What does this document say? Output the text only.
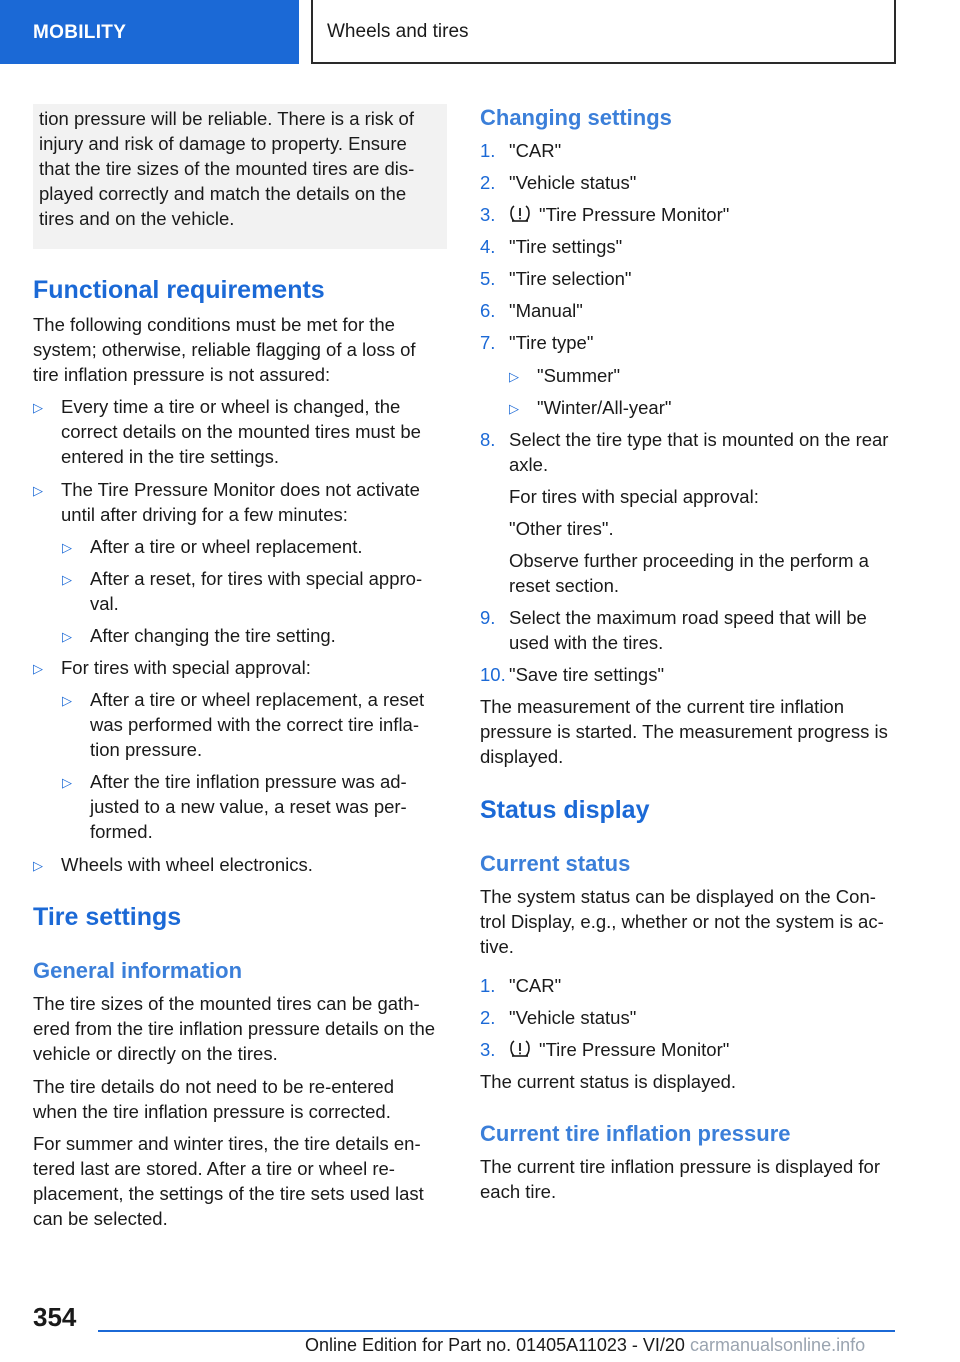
MOBILITY	Wheels and tires

tion pressure will be reliable. There is a risk of

injury and risk of damage to property. Ensure

that the tire sizes of the mounted tires are dis-

played correctly and match the details on the

tires and on the vehicle.

Functional requirements

The following conditions must be met for the system; otherwise, reliable flagging of a loss of tire inflation pressure is not assured:

▷ Every time a tire or wheel is changed, the correct details on the mounted tires must be entered in the tire settings.
▷ The Tire Pressure Monitor does not activate until after driving for a few minutes:
▷ After a tire or wheel replacement.
▷ After a reset, for tires with special appro-val.
▷ After changing the tire setting.
▷ For tires with special approval:
▷ After a tire or wheel replacement, a reset was performed with the correct tire infla-tion pressure.
▷ After the tire inflation pressure was ad-justed to a new value, a reset was per-formed.
▷ Wheels with wheel electronics.
Tire settings
General information

The tire sizes of the mounted tires can be gath-ered from the tire inflation pressure details on the vehicle or directly on the tires.

The tire details do not need to be re-entered when the tire inflation pressure is corrected.

For summer and winter tires, the tire details en-tered last are stored. After a tire or wheel re-placement, the settings of the tire sets used last can be selected.

Changing settings
1. "CAR"
2. "Vehicle status"
3.	"Tire Pressure Monitor"
4. "Tire settings"
5. "Tire selection"
6. "Manual"
7. "Tire type"
▷ "Summer"
▷ "Winter/All-year"
8. Select the tire type that is mounted on the rear axle.

For tires with special approval:

"Other tires".

Observe further proceeding in the perform a reset section.

9. Select the maximum road speed that will be used with the tires.
10. "Save tire settings"

The measurement of the current tire inflation pressure is started. The measurement progress is displayed.

Status display
Current status

The system status can be displayed on the Con-trol Display, e.g., whether or not the system is ac-tive.

1. "CAR"
2. "Vehicle status"
3.	"Tire Pressure Monitor"

The current status is displayed.

Current tire inflation pressure

The current tire inflation pressure is displayed for each tire.

354
Online Edition for Part no. 01405A11023 - VI/20 carmanualsonline.info
